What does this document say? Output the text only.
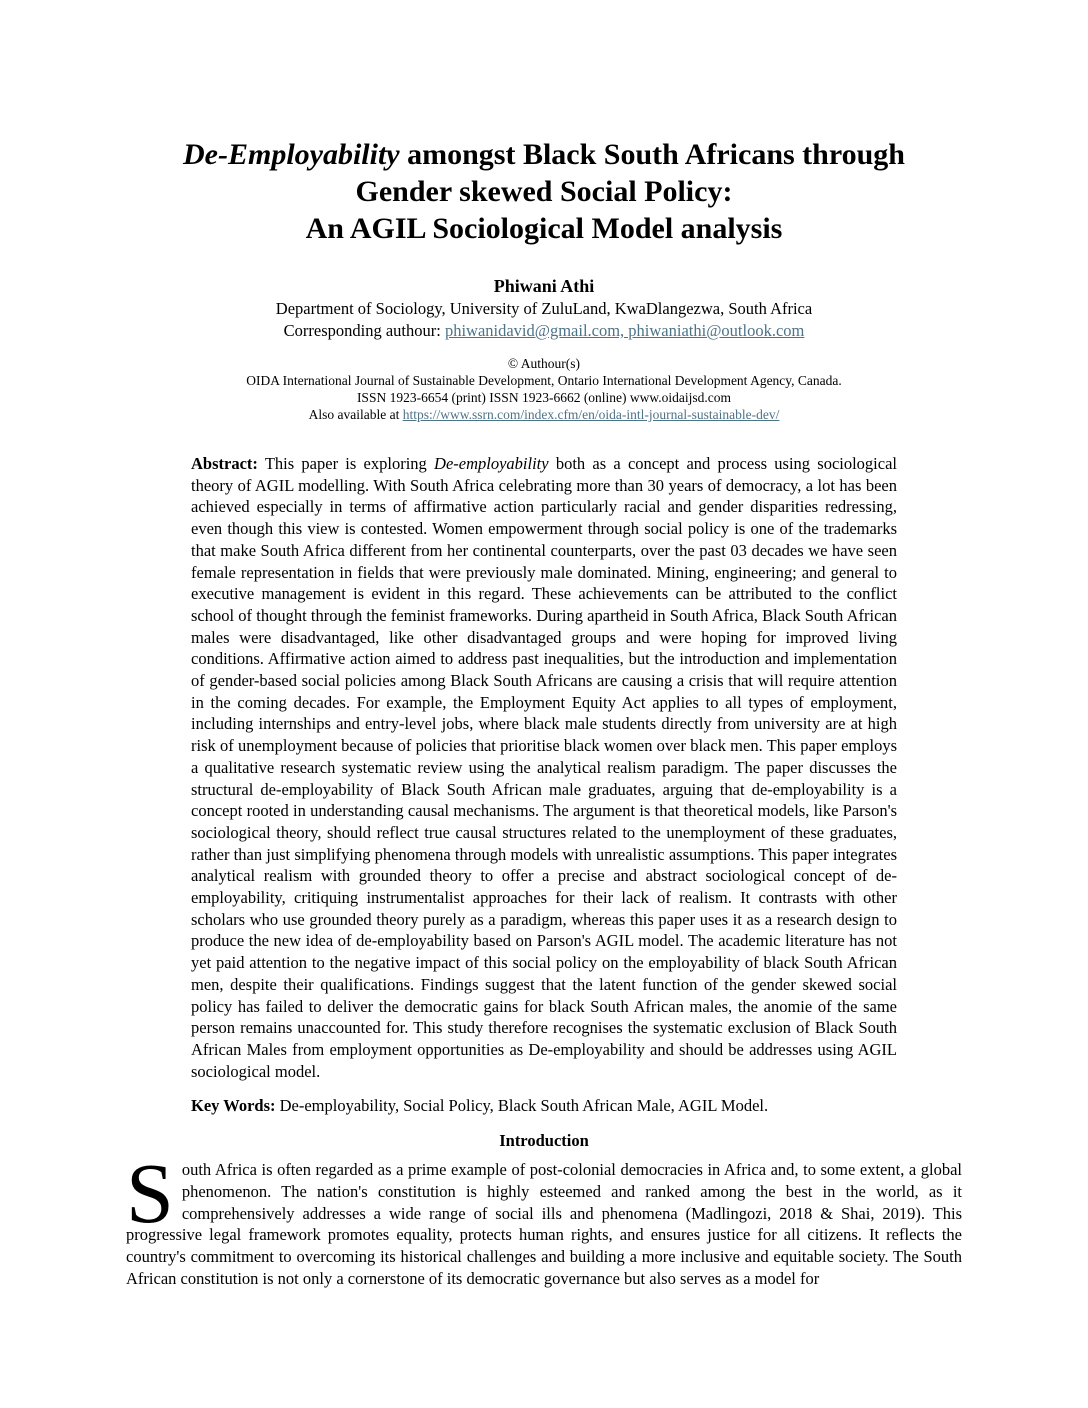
De-Employability amongst Black South Africans through
Gender skewed Social Policy:
An AGIL Sociological Model analysis
Phiwani Athi
Department of Sociology, University of ZuluLand, KwaDlangezwa, South Africa
Corresponding authour: phiwanidavid@gmail.com, phiwaniathi@outlook.com
© Authour(s)
OIDA International Journal of Sustainable Development, Ontario International Development Agency, Canada.
ISSN 1923-6654 (print) ISSN 1923-6662 (online) www.oidaijsd.com
Also available at https://www.ssrn.com/index.cfm/en/oida-intl-journal-sustainable-dev/
Abstract: This paper is exploring De-employability both as a concept and process using sociological theory of AGIL modelling. With South Africa celebrating more than 30 years of democracy, a lot has been achieved especially in terms of affirmative action particularly racial and gender disparities redressing, even though this view is contested. Women empowerment through social policy is one of the trademarks that make South Africa different from her continental counterparts, over the past 03 decades we have seen female representation in fields that were previously male dominated. Mining, engineering; and general to executive management is evident in this regard. These achievements can be attributed to the conflict school of thought through the feminist frameworks. During apartheid in South Africa, Black South African males were disadvantaged, like other disadvantaged groups and were hoping for improved living conditions. Affirmative action aimed to address past inequalities, but the introduction and implementation of gender-based social policies among Black South Africans are causing a crisis that will require attention in the coming decades. For example, the Employment Equity Act applies to all types of employment, including internships and entry-level jobs, where black male students directly from university are at high risk of unemployment because of policies that prioritise black women over black men. This paper employs a qualitative research systematic review using the analytical realism paradigm. The paper discusses the structural de-employability of Black South African male graduates, arguing that de-employability is a concept rooted in understanding causal mechanisms. The argument is that theoretical models, like Parson's sociological theory, should reflect true causal structures related to the unemployment of these graduates, rather than just simplifying phenomena through models with unrealistic assumptions. This paper integrates analytical realism with grounded theory to offer a precise and abstract sociological concept of de-employability, critiquing instrumentalist approaches for their lack of realism. It contrasts with other scholars who use grounded theory purely as a paradigm, whereas this paper uses it as a research design to produce the new idea of de-employability based on Parson's AGIL model. The academic literature has not yet paid attention to the negative impact of this social policy on the employability of black South African men, despite their qualifications. Findings suggest that the latent function of the gender skewed social policy has failed to deliver the democratic gains for black South African males, the anomie of the same person remains unaccounted for. This study therefore recognises the systematic exclusion of Black South African Males from employment opportunities as De-employability and should be addresses using AGIL sociological model.
Key Words: De-employability, Social Policy, Black South African Male, AGIL Model.
Introduction
South Africa is often regarded as a prime example of post-colonial democracies in Africa and, to some extent, a global phenomenon. The nation's constitution is highly esteemed and ranked among the best in the world, as it comprehensively addresses a wide range of social ills and phenomena (Madlingozi, 2018 & Shai, 2019). This progressive legal framework promotes equality, protects human rights, and ensures justice for all citizens. It reflects the country's commitment to overcoming its historical challenges and building a more inclusive and equitable society. The South African constitution is not only a cornerstone of its democratic governance but also serves as a model for
